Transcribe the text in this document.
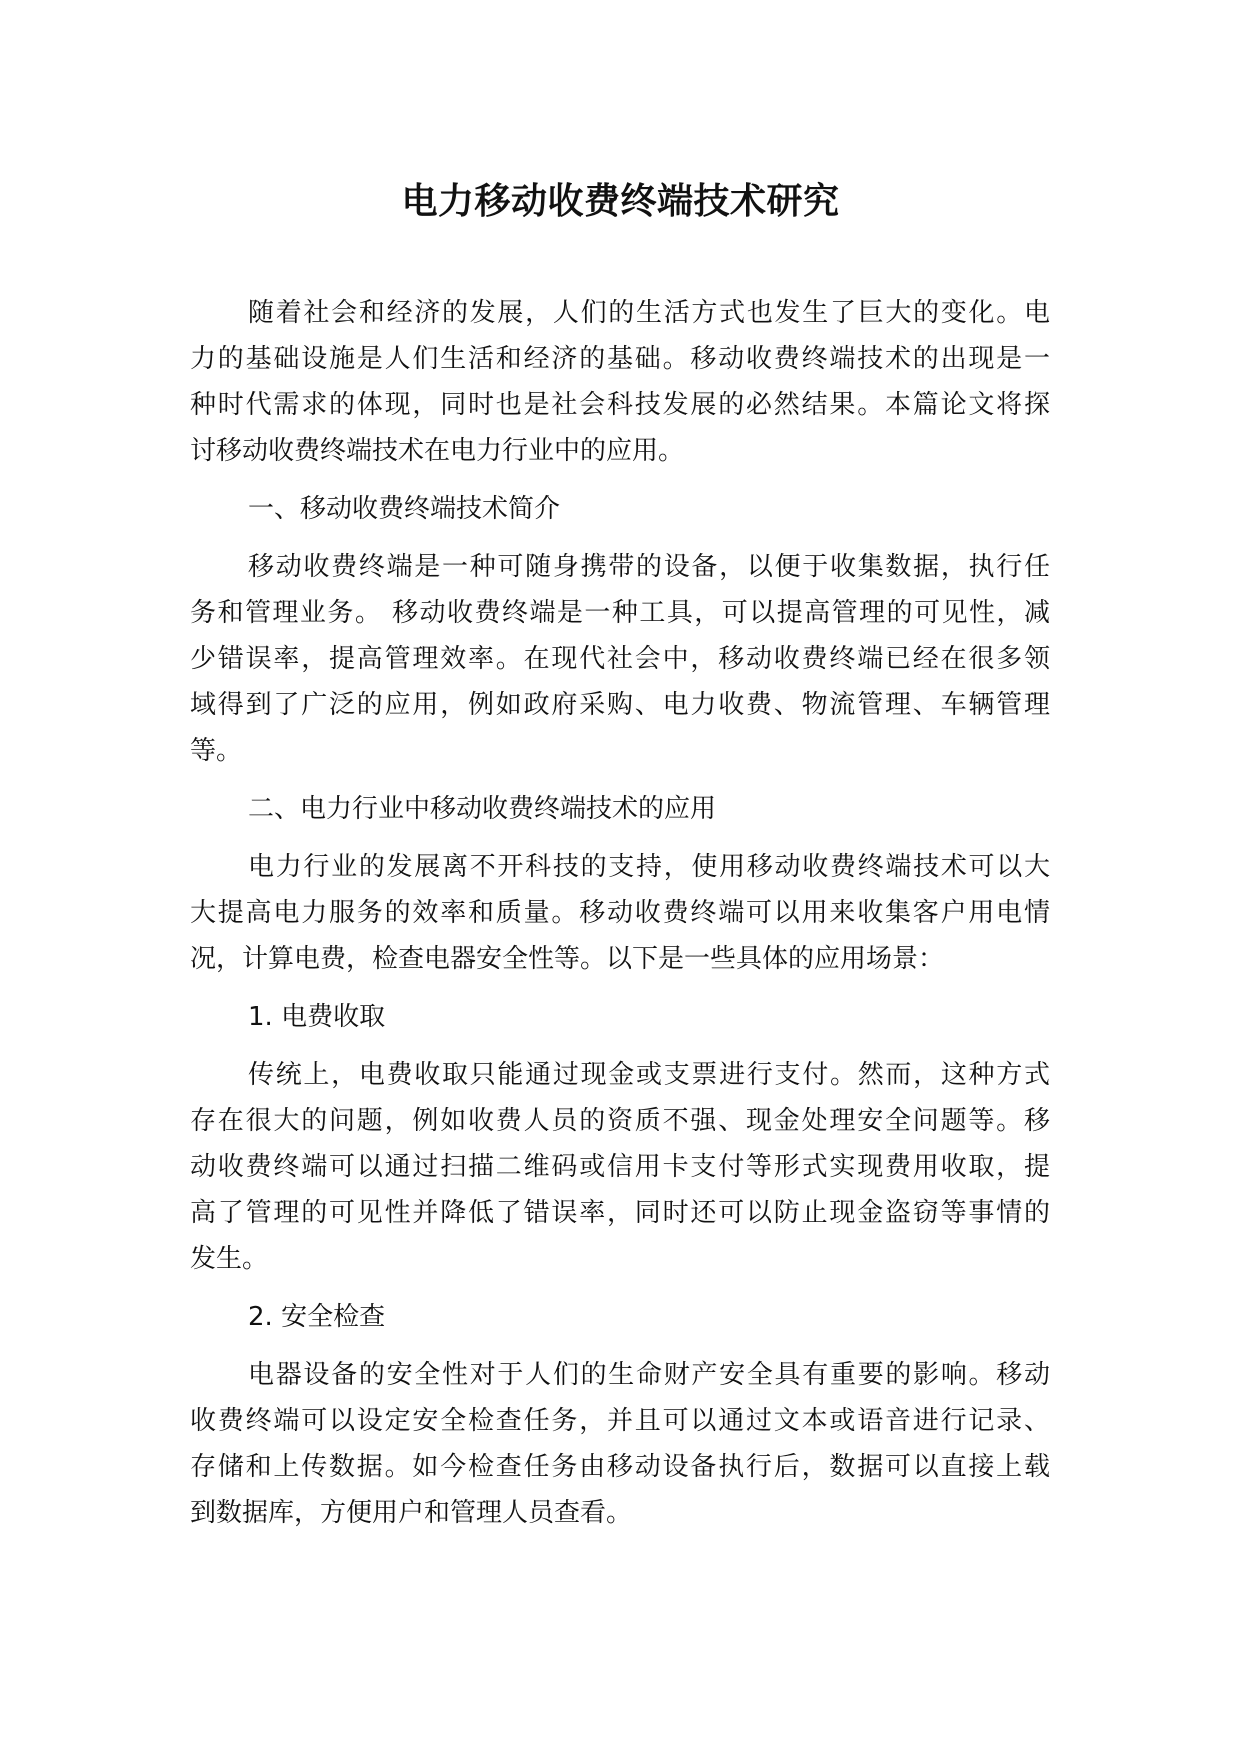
电力移动收费终端技术研究
随着社会和经济的发展，人们的生活方式也发生了巨大的变化。电
力的基础设施是人们生活和经济的基础。移动收费终端技术的出现是一
种时代需求的体现，同时也是社会科技发展的必然结果。本篇论文将探
讨移动收费终端技术在电力行业中的应用。
一、移动收费终端技术简介
移动收费终端是一种可随身携带的设备，以便于收集数据，执行任
务和管理业务。 移动收费终端是一种工具，可以提高管理的可见性，减
少错误率，提高管理效率。在现代社会中，移动收费终端已经在很多领
域得到了广泛的应用，例如政府采购、电力收费、物流管理、车辆管理
等。
二、电力行业中移动收费终端技术的应用
电力行业的发展离不开科技的支持，使用移动收费终端技术可以大
大提高电力服务的效率和质量。移动收费终端可以用来收集客户用电情
况，计算电费，检查电器安全性等。以下是一些具体的应用场景：
1. 电费收取
传统上，电费收取只能通过现金或支票进行支付。然而，这种方式
存在很大的问题，例如收费人员的资质不强、现金处理安全问题等。移
动收费终端可以通过扫描二维码或信用卡支付等形式实现费用收取，提
高了管理的可见性并降低了错误率，同时还可以防止现金盗窃等事情的
发生。
2. 安全检查
电器设备的安全性对于人们的生命财产安全具有重要的影响。移动
收费终端可以设定安全检查任务，并且可以通过文本或语音进行记录、
存储和上传数据。如今检查任务由移动设备执行后，数据可以直接上载
到数据库，方便用户和管理人员查看。
